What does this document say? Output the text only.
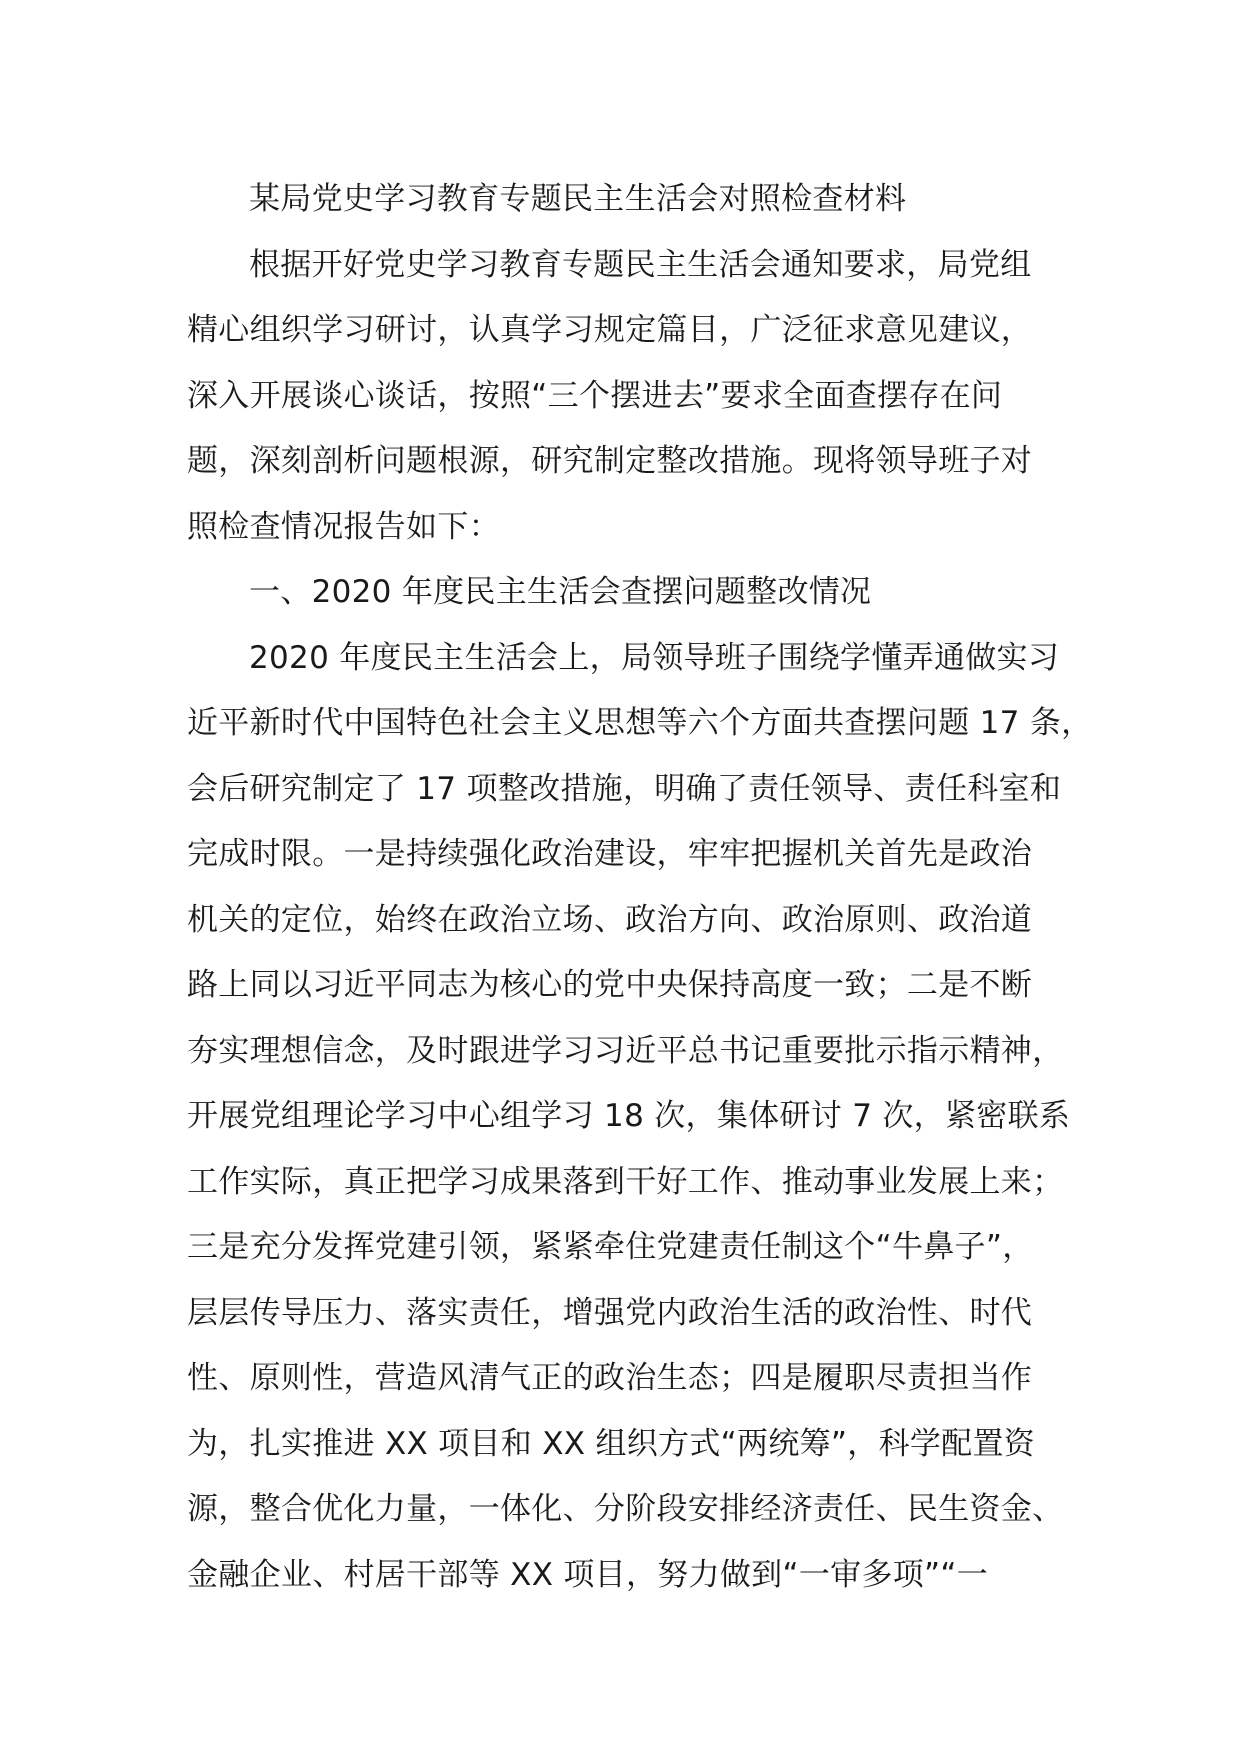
某局党史学习教育专题民主生活会对照检查材料
根据开好党史学习教育专题民主生活会通知要求，局党组
精心组织学习研讨，认真学习规定篇目，广泛征求意见建议，
深入开展谈心谈话，按照“三个摆进去”要求全面查摆存在问
题，深刻剖析问题根源，研究制定整改措施。现将领导班子对
照检查情况报告如下：
一、2020 年度民主生活会查摆问题整改情况
2020 年度民主生活会上，局领导班子围绕学懂弄通做实习
近平新时代中国特色社会主义思想等六个方面共查摆问题 17 条，
会后研究制定了 17 项整改措施，明确了责任领导、责任科室和
完成时限。一是持续强化政治建设，牢牢把握机关首先是政治
机关的定位，始终在政治立场、政治方向、政治原则、政治道
路上同以习近平同志为核心的党中央保持高度一致；二是不断
夯实理想信念，及时跟进学习习近平总书记重要批示指示精神，
开展党组理论学习中心组学习 18 次，集体研讨 7 次，紧密联系
工作实际，真正把学习成果落到干好工作、推动事业发展上来；
三是充分发挥党建引领，紧紧牵住党建责任制这个“牛鼻子”，
层层传导压力、落实责任，增强党内政治生活的政治性、时代
性、原则性，营造风清气正的政治生态；四是履职尽责担当作
为，扎实推进 XX 项目和 XX 组织方式“两统筹”，科学配置资
源，整合优化力量，一体化、分阶段安排经济责任、民生资金、
金融企业、村居干部等 XX 项目，努力做到“一审多项”“一
